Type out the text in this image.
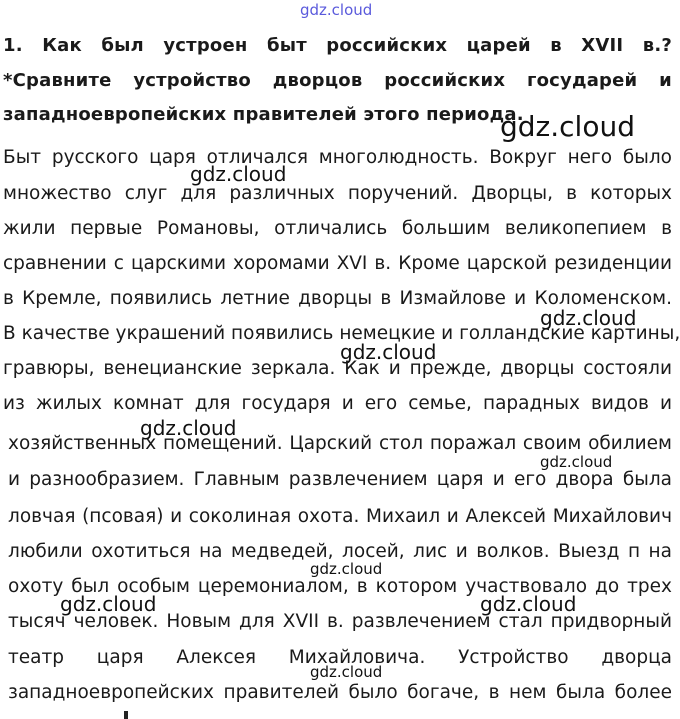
gdz.cloud
gdz.cloud
gdz.cloud
gdz.cloud
gdz.cloud
gdz.cloud
gdz.cloud
gdz.cloud
gdz.cloud	gdz.cloud
gdz.cloud
1. Как был устроен быт российских царей в XVII в.?
*Сравните устройство дворцов российских государей и
западноевропейских правителей этого периода.
Быт русского царя отличался многолюдность. Вокруг него было
множество слуг для различных поручений. Дворцы, в которых
жили первые Романовы, отличались большим великопепием в
сравнении с царскими хоромами XVI в. Кроме царской резиденции
в Кремле, появились летние дворцы в Измайлове и Коломенском.
В качестве украшений появились немецкие и голландские картины,
гравюры, венецианские зеркала. Как и прежде, дворцы состояли
из жилых комнат для государя и его семье, парадных видов и
хозяйственных помещений. Царский стол поражал своим обилием
и разнообразием. Главным развлечением царя и его двора была
ловчая (псовая) и соколиная охота. Михаил и Алексей Михайлович
любили охотиться на медведей, лосей, лис и волков. Выезд п на
охоту был особым церемониалом, в котором участвовало до трех
тысяч человек. Новым для XVII в. развлечением стал придворный
театр царя Алексея Михайловича. Устройство дворца
западноевропейских правителей было богаче, в нем была более
